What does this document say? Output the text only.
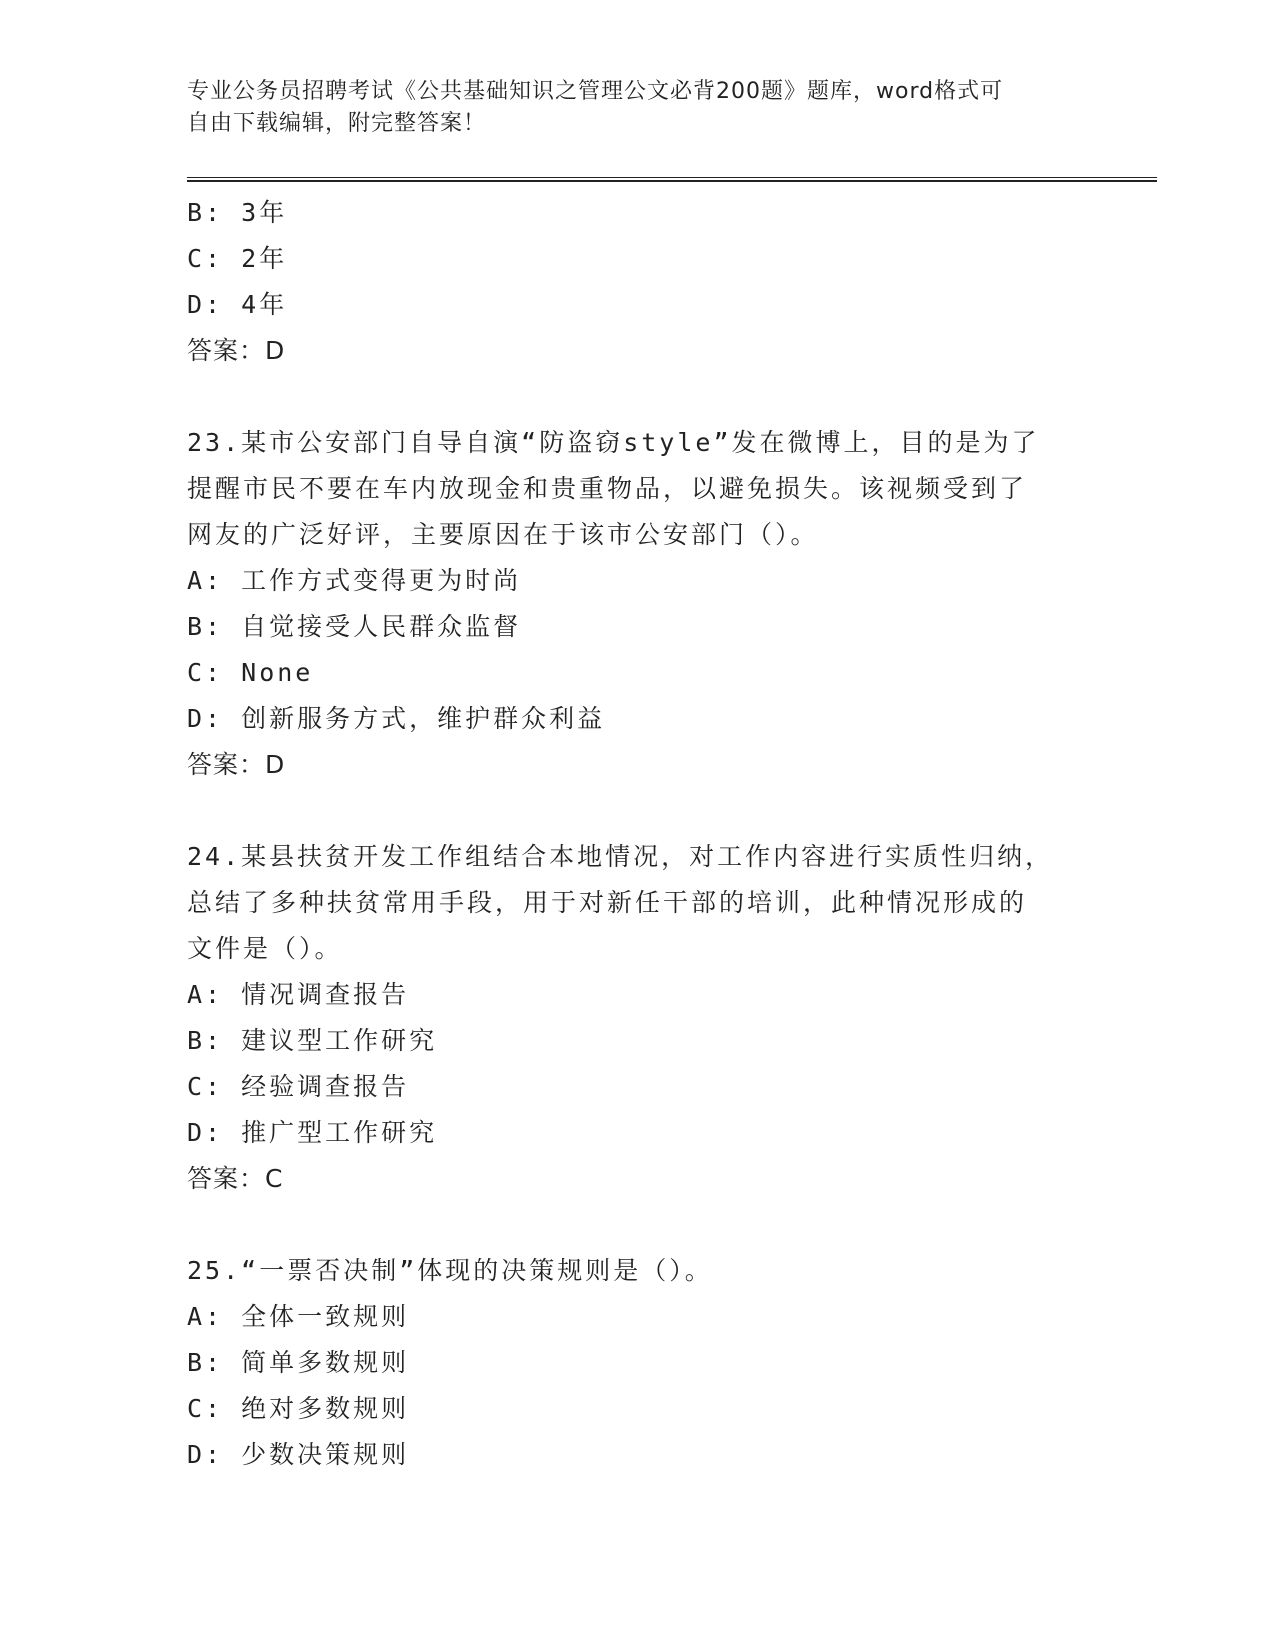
专业公务员招聘考试《公共基础知识之管理公文必背200题》题库，word格式可
自由下载编辑，附完整答案！
B: 3年
C: 2年
D: 4年
答案：D
23.某市公安部门自导自演“防盗窃style”发在微博上，目的是为了
提醒市民不要在车内放现金和贵重物品，以避免损失。该视频受到了
网友的广泛好评，主要原因在于该市公安部门（）。
A: 工作方式变得更为时尚
B: 自觉接受人民群众监督
C: None
D: 创新服务方式，维护群众利益
答案：D
24.某县扶贫开发工作组结合本地情况，对工作内容进行实质性归纳，
总结了多种扶贫常用手段，用于对新任干部的培训，此种情况形成的
文件是（）。
A: 情况调查报告
B: 建议型工作研究
C: 经验调查报告
D: 推广型工作研究
答案：C
25.“一票否决制”体现的决策规则是（）。
A: 全体一致规则
B: 简单多数规则
C: 绝对多数规则
D: 少数决策规则
